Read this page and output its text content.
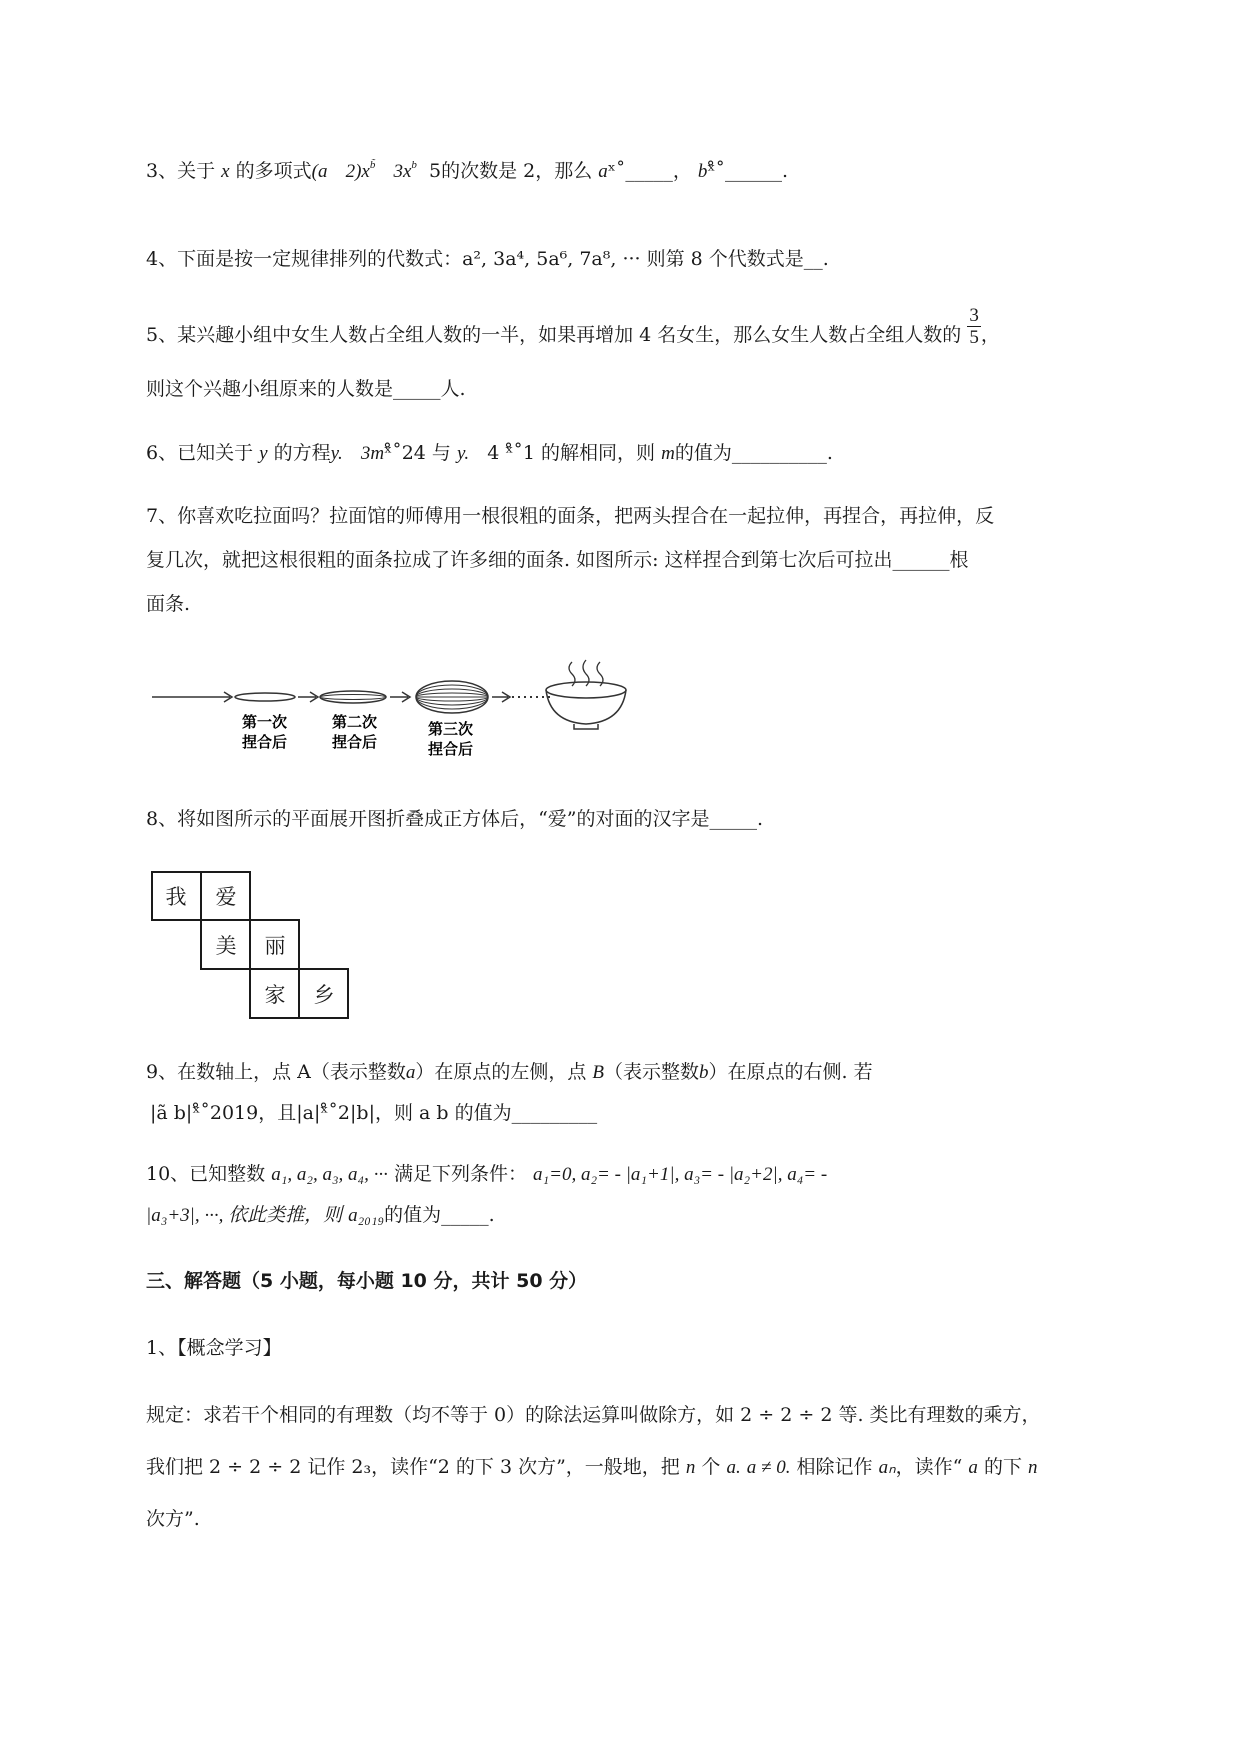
3、关于 x 的多项式(a $2)x^{b̃}$ $3x^b$ 5的次数是 2，那么 aˣ˚_____， bˣ̊˚______.
4、下面是按一定规律排列的代数式：a², 3a⁴, 5a⁶, 7a⁸, ··· 则第 8 个代数式是__.
5、某兴趣小组中女生人数占全组人数的一半，如果再增加 4 名女生，那么女生人数占全组人数的 $\frac{3}{5}$ ，
则这个兴趣小组原来的人数是_____人.
6、已知关于 y 的方程y. 3mˣ̊˚24 与 y. 4 ˣ̊˚1 的解相同，则 m的值为__________.
7、你喜欢吃拉面吗？拉面馆的师傅用一根很粗的面条，把两头捏合在一起拉伸，再捏合，再拉伸，反
复几次，就把这根很粗的面条拉成了许多细的面条. 如图所示: 这样捏合到第七次后可拉出______根
面条.
第一次
捏合后
第二次
捏合后
第三次
捏合后
8、将如图所示的平面展开图折叠成正方体后，“爱”的对面的汉字是_____.
我 爱
美 丽
家 乡
9、在数轴上，点 A（表示整数a）在原点的左侧，点 B（表示整数b）在原点的右侧. 若
|ã b|ˣ̊˚2019，且|a|ˣ̊˚2|b|，则 a b 的值为_________
10、已知整数 a₁, a₂, a₃, a₄, ··· 满足下列条件： a₁=0, a₂= - |a₁+1|, a₃= - |a₂+2|, a₄= -
|a₃+3|, ···, 依此类推，则 a₂₀₁₉的值为_____.
三、解答题（5 小题，每小题 10 分，共计 50 分）
1、【概念学习】
规定：求若干个相同的有理数（均不等于 0）的除法运算叫做除方，如 2 ÷ 2 ÷ 2 等. 类比有理数的乘方，
我们把 2 ÷ 2 ÷ 2 记作 2₃，读作“2 的下 3 次方”，一般地，把 n 个 a. a ≠ 0. 相除记作 aₙ，读作“ a 的下 n
次方”.
